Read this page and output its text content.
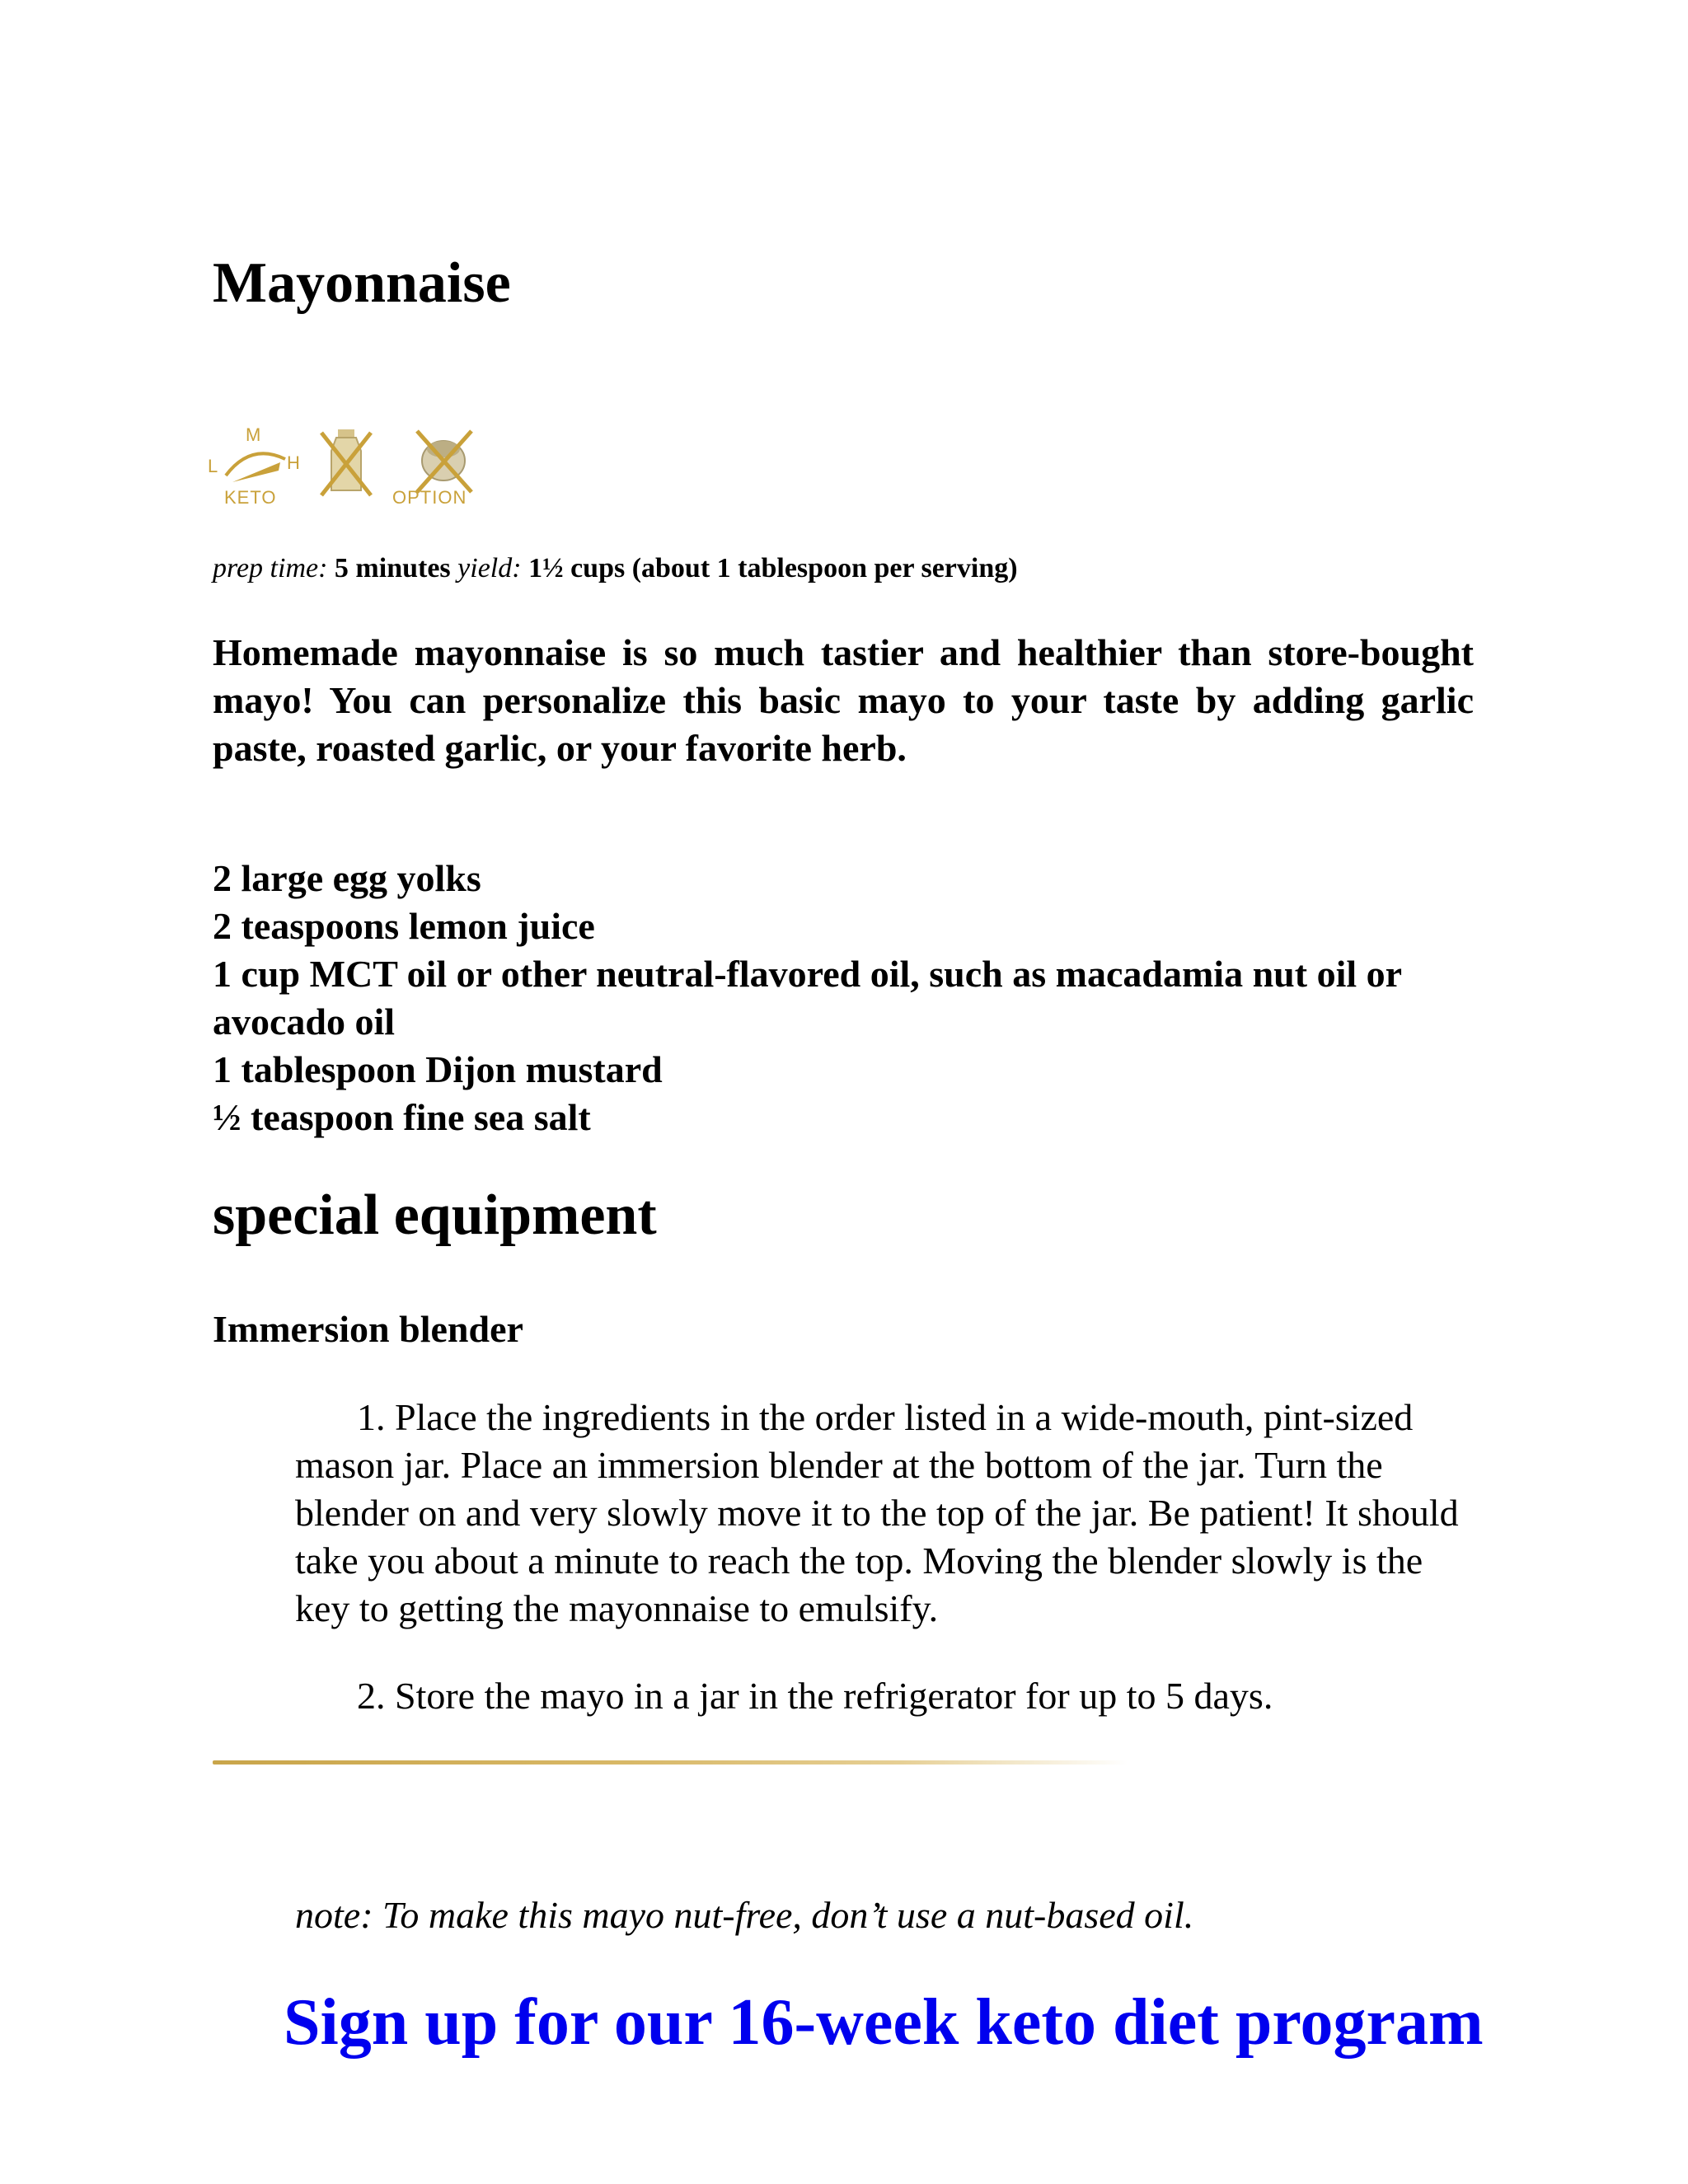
Mayonnaise
M
L	H
KETO	OPTION

prep time: 5 minutes yield: 1½ cups (about 1 tablespoon per serving)

Homemade mayonnaise is so much tastier and healthier than store-bought mayo! You can personalize this basic mayo to your taste by adding garlic paste, roasted garlic, or your favorite herb.

2 large egg yolks
2 teaspoons lemon juice
1 cup MCT oil or other neutral-flavored oil, such as macadamia nut oil or avocado oil
1 tablespoon Dijon mustard
½ teaspoon fine sea salt
special equipment

Immersion blender

1. Place the ingredients in the order listed in a wide-mouth, pint-sized mason jar. Place an immersion blender at the bottom of the jar. Turn the blender on and very slowly move it to the top of the jar. Be patient! It should take you about a minute to reach the top. Moving the blender slowly is the key to getting the mayonnaise to emulsify.
2. Store the mayo in a jar in the refrigerator for up to 5 days.

note: To make this mayo nut-free, don’t use a nut-based oil.

Sign up for our 16-week keto diet program
